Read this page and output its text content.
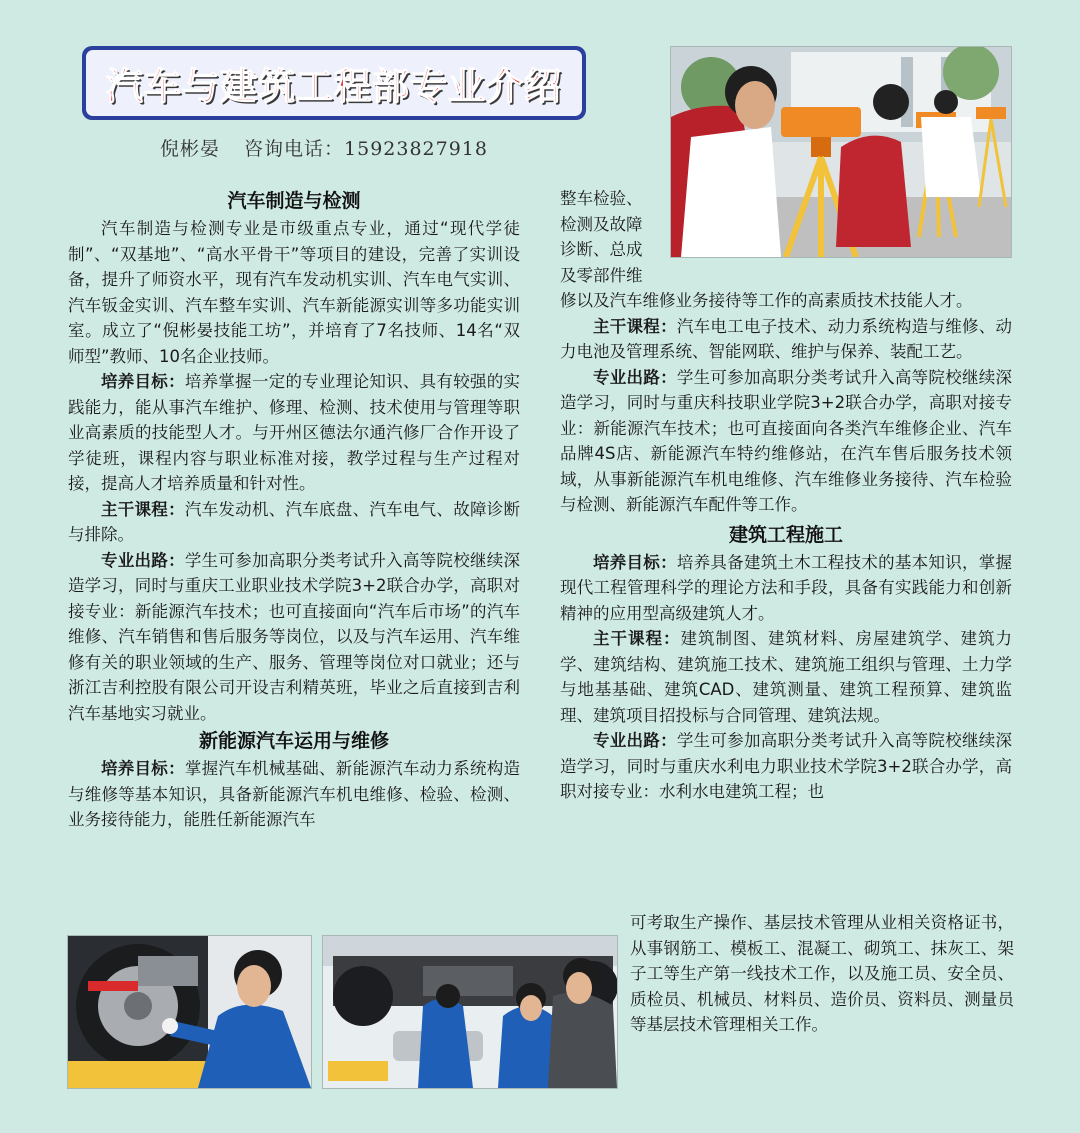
汽车与建筑工程部专业介绍
倪彬晏 咨询电话：15923827918
汽车制造与检测

汽车制造与检测专业是市级重点专业，通过“现代学徒制”、“双基地”、“高水平骨干”等项目的建设，完善了实训设备，提升了师资水平，现有汽车发动机实训、汽车电气实训、汽车钣金实训、汽车整车实训、汽车新能源实训等多功能实训室。成立了“倪彬晏技能工坊”，并培育了7名技师、14名“双师型”教师、10名企业技师。

培养目标：培养掌握一定的专业理论知识、具有较强的实践能力，能从事汽车维护、修理、检测、技术使用与管理等职业高素质的技能型人才。与开州区德法尔通汽修厂合作开设了学徒班，课程内容与职业标准对接，教学过程与生产过程对接，提高人才培养质量和针对性。

主干课程：汽车发动机、汽车底盘、汽车电气、故障诊断与排除。

专业出路：学生可参加高职分类考试升入高等院校继续深造学习，同时与重庆工业职业技术学院3+2联合办学，高职对接专业：新能源汽车技术；也可直接面向“汽车后市场”的汽车维修、汽车销售和售后服务等岗位，以及与汽车运用、汽车维修有关的职业领域的生产、服务、管理等岗位对口就业；还与浙江吉利控股有限公司开设吉利精英班，毕业之后直接到吉利汽车基地实习就业。

新能源汽车运用与维修

培养目标：掌握汽车机械基础、新能源汽车动力系统构造与维修等基本知识，具备新能源汽车机电维修、检验、检测、业务接待能力，能胜任新能源汽车

整车检验、

检测及故障

诊断、总成

及零部件维

修以及汽车维修业务接待等工作的高素质技术技能人才。

主干课程：汽车电工电子技术、动力系统构造与维修、动力电池及管理系统、智能网联、维护与保养、装配工艺。

专业出路：学生可参加高职分类考试升入高等院校继续深造学习，同时与重庆科技职业学院3+2联合办学，高职对接专业：新能源汽车技术；也可直接面向各类汽车维修企业、汽车品牌4S店、新能源汽车特约维修站，在汽车售后服务技术领域，从事新能源汽车机电维修、汽车维修业务接待、汽车检验与检测、新能源汽车配件等工作。

建筑工程施工

培养目标：培养具备建筑土木工程技术的基本知识，掌握现代工程管理科学的理论方法和手段，具备有实践能力和创新精神的应用型高级建筑人才。

主干课程：建筑制图、建筑材料、房屋建筑学、建筑力学、建筑结构、建筑施工技术、建筑施工组织与管理、土力学与地基基础、建筑CAD、建筑测量、建筑工程预算、建筑监理、建筑项目招投标与合同管理、建筑法规。

专业出路：学生可参加高职分类考试升入高等院校继续深造学习，同时与重庆水利电力职业技术学院3+2联合办学，高职对接专业：水利水电建筑工程；也

可考取生产操作、基层技术管理从业相关资格证书，从事钢筋工、模板工、混凝工、砌筑工、抹灰工、架子工等生产第一线技术工作，以及施工员、安全员、质检员、机械员、材料员、造价员、资料员、测量员等基层技术管理相关工作。
